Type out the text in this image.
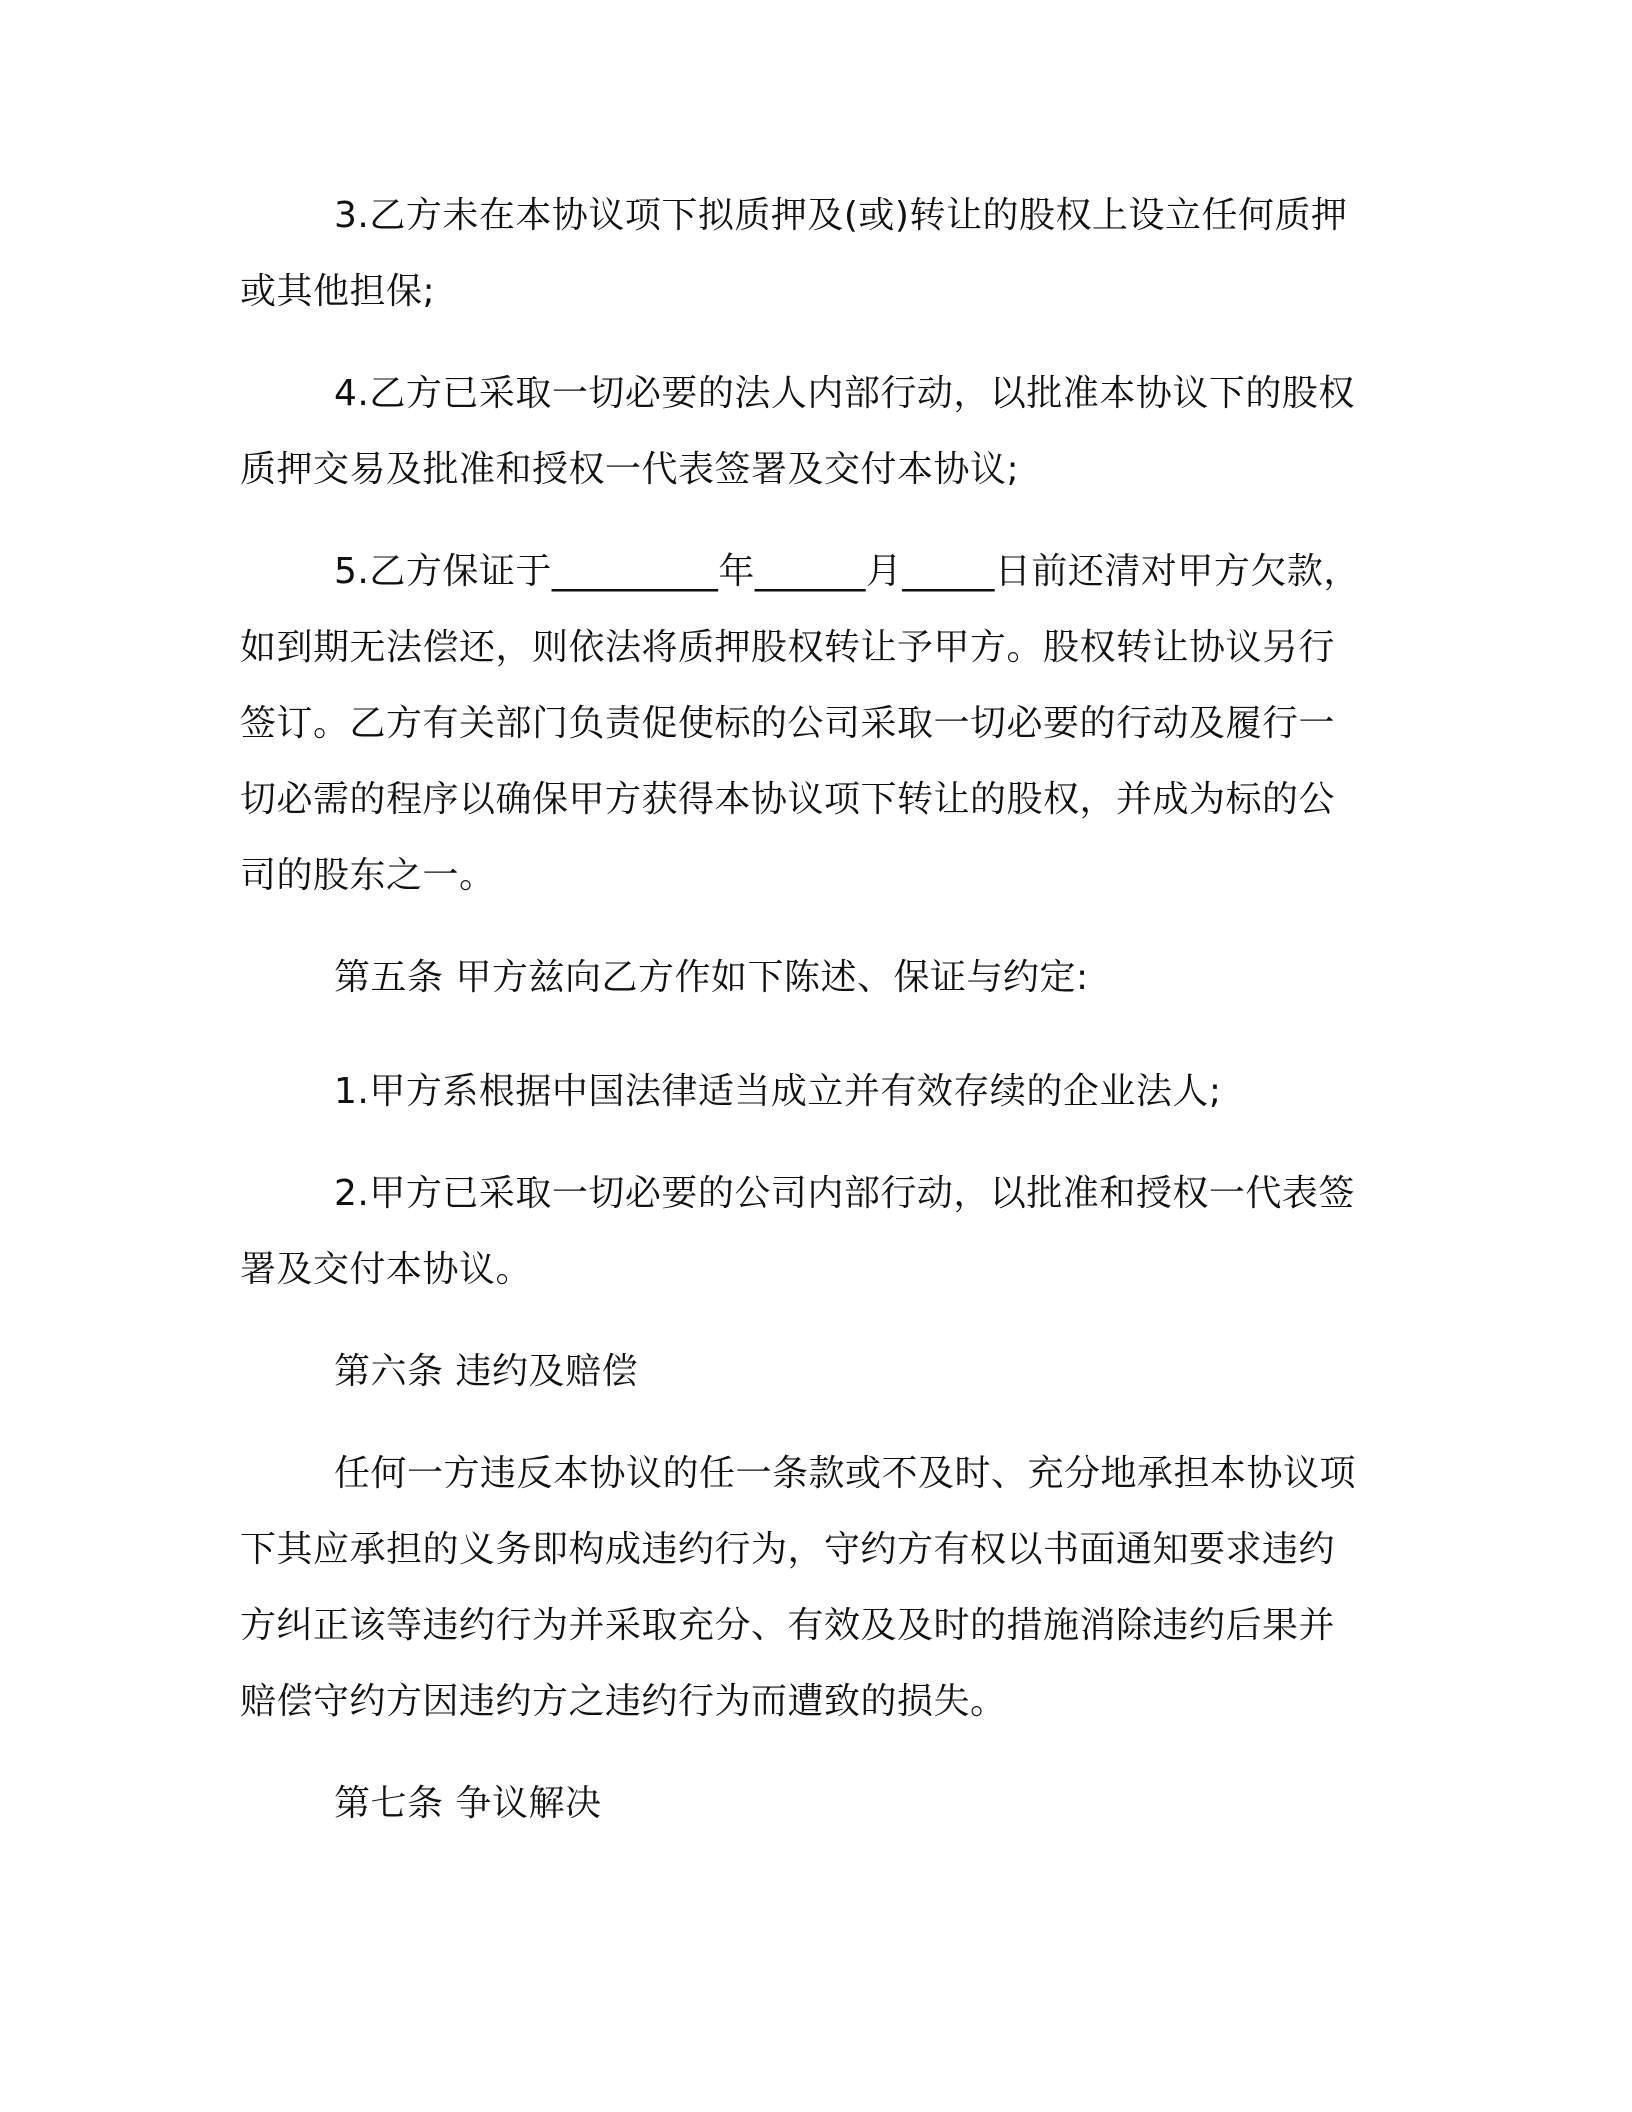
3.乙方未在本协议项下拟质押及(或)转让的股权上设立任何质押
或其他担保;

4.乙方已采取一切必要的法人内部行动，以批准本协议下的股权
质押交易及批准和授权一代表签署及交付本协议;

5.乙方保证于_________年______月_____日前还清对甲方欠款，
如到期无法偿还，则依法将质押股权转让予甲方。股权转让协议另行
签订。乙方有关部门负责促使标的公司采取一切必要的行动及履行一
切必需的程序以确保甲方获得本协议项下转让的股权，并成为标的公
司的股东之一。

第五条 甲方兹向乙方作如下陈述、保证与约定:

1.甲方系根据中国法律适当成立并有效存续的企业法人;

2.甲方已采取一切必要的公司内部行动，以批准和授权一代表签
署及交付本协议。

第六条 违约及赔偿

任何一方违反本协议的任一条款或不及时、充分地承担本协议项
下其应承担的义务即构成违约行为，守约方有权以书面通知要求违约
方纠正该等违约行为并采取充分、有效及及时的措施消除违约后果并
赔偿守约方因违约方之违约行为而遭致的损失。

第七条 争议解决
